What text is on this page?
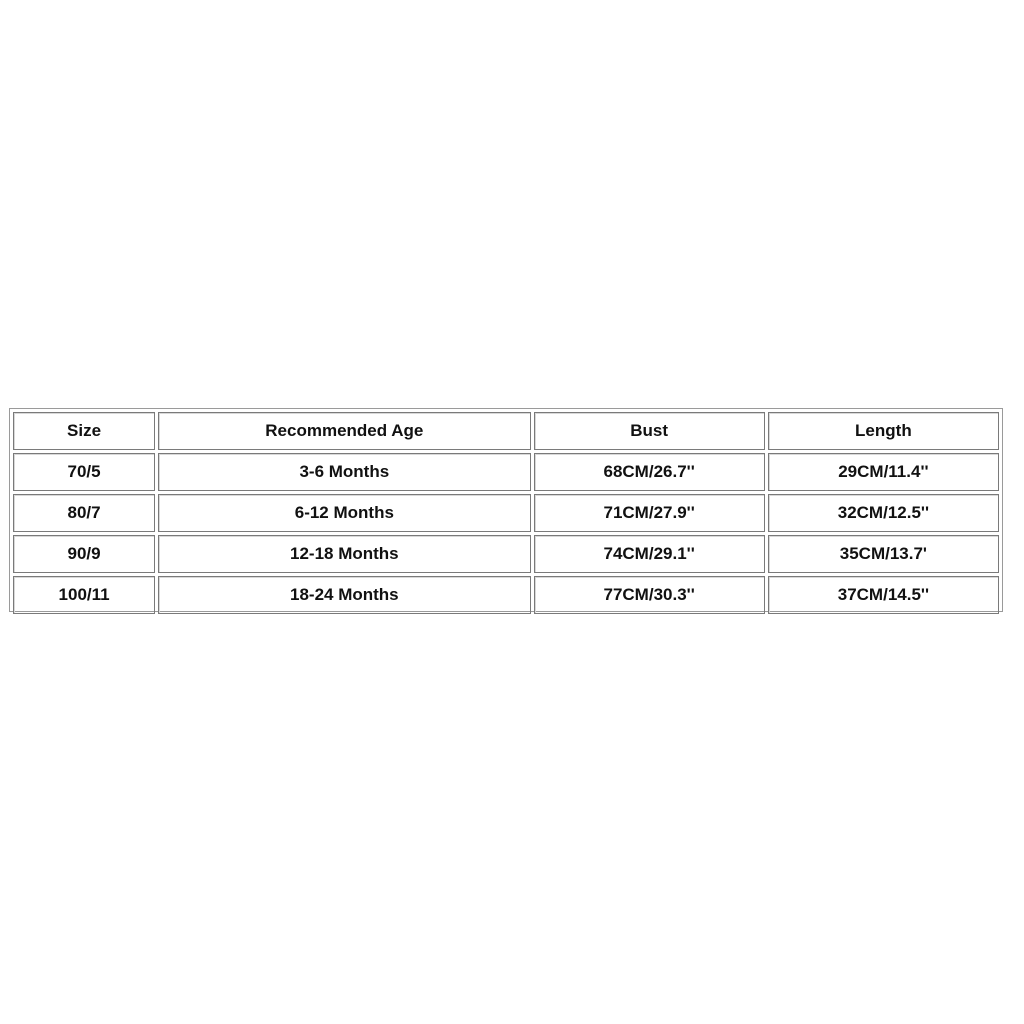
Size	Recommended Age	Bust	Length
70/5	3-6 Months	68CM/26.7''	29CM/11.4''
80/7	6-12 Months	71CM/27.9''	32CM/12.5''
90/9	12-18 Months	74CM/29.1''	35CM/13.7'
100/11	18-24 Months	77CM/30.3''	37CM/14.5''
